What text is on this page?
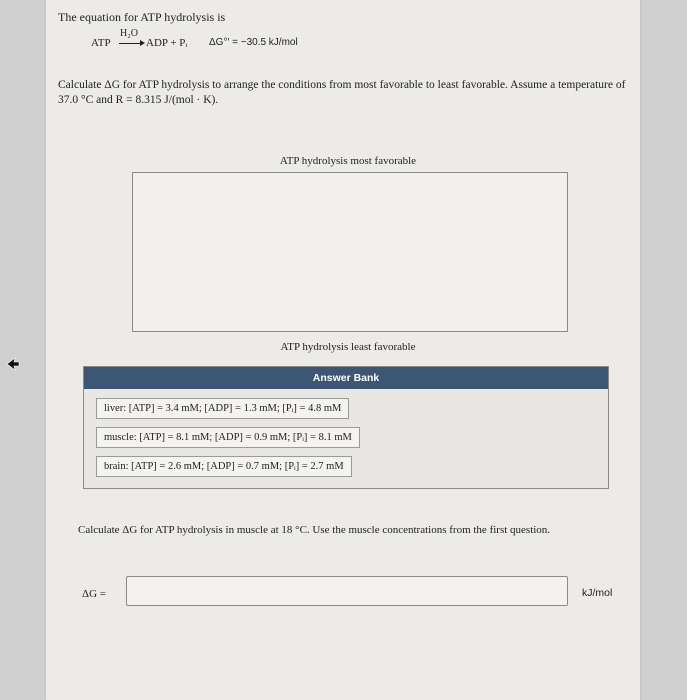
The equation for ATP hydrolysis is
ATP
H₂O
→ ADP + Pᵢ ΔG°′ = −30.5 kJ/mol
Calculate ΔG for ATP hydrolysis to arrange the conditions from most favorable to least favorable. Assume a temperature of
37.0 °C and R = 8.315 J/(mol · K).
ATP hydrolysis most favorable
ATP hydrolysis least favorable
Answer Bank
liver: [ATP] = 3.4 mM; [ADP] = 1.3 mM; [Pᵢ] = 4.8 mM
muscle: [ATP] = 8.1 mM; [ADP] = 0.9 mM; [Pᵢ] = 8.1 mM
brain: [ATP] = 2.6 mM; [ADP] = 0.7 mM; [Pᵢ] = 2.7 mM
Calculate ΔG for ATP hydrolysis in muscle at 18 °C. Use the muscle concentrations from the first question.
ΔG =	kJ/mol
